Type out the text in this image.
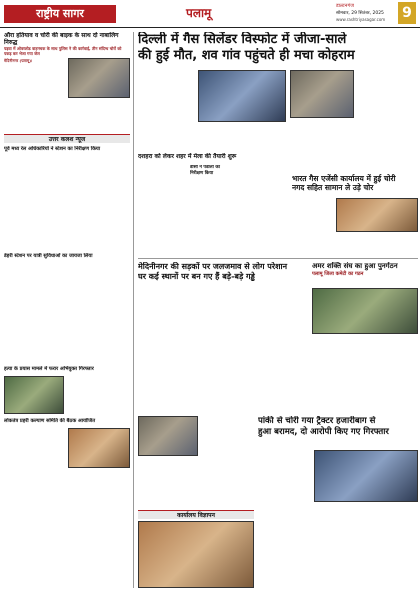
राष्ट्रीय सागर	पलामू	डाल्टनगंज
सोमवार, 29 सितंबर, 2025
www.rashtriyasagar.com 9
औरा हतियाव व चोरी की बाइक के साथ दो नाबालिग निरुद्ध
पड़वा में ओवरलोड वाहनचक के साथ पुलिस ने की कार्रवाई, तीन संदिग्ध चोरों को पकड़ कर भेजा गया जेल
मेदिनीनगर (पलामू)।
उत्तर कलश न्यूज
पूर्व मध्य रेल अधिकारियों ने स्टेशन का निरीक्षण किया
डेहरी स्टेशन पर यात्री सुविधाओं का जायजा लिया
हत्या के प्रयास मामले में फरार अभियुक्त गिरफ्तार
लोकतंत्र प्रहरी कल्याण समिति की बैठक आयोजित
दिल्ली में गैस सिलेंडर विस्फोट में जीजा-साले
की हुई मौत, शव गांव पहुंचते ही मचा कोहराम
दशहरा को लेकर शहर में मेला की तैयारी शुरू
डीसी ने पंडालों का निरीक्षण किया
भारत गैस एजेंसी कार्यालय में हुई चोरी
नगद सहित सामान ले उड़े चोर
मेदिनीनगर की सड़कों पर जलजमाव से लोग परेशान
घर कई स्थानों पर बन गए हैं बड़े-बड़े गड्ढे
अमर शक्ति संघ का हुआ पुनर्गठन
पलामू जिला कमेटी का गठन
पांकी से चोरी गया ट्रैक्टर हजारीबाग से
हुआ बरामद, दो आरोपी किए गए गिरफ्तार
कार्यालय विज्ञापन
